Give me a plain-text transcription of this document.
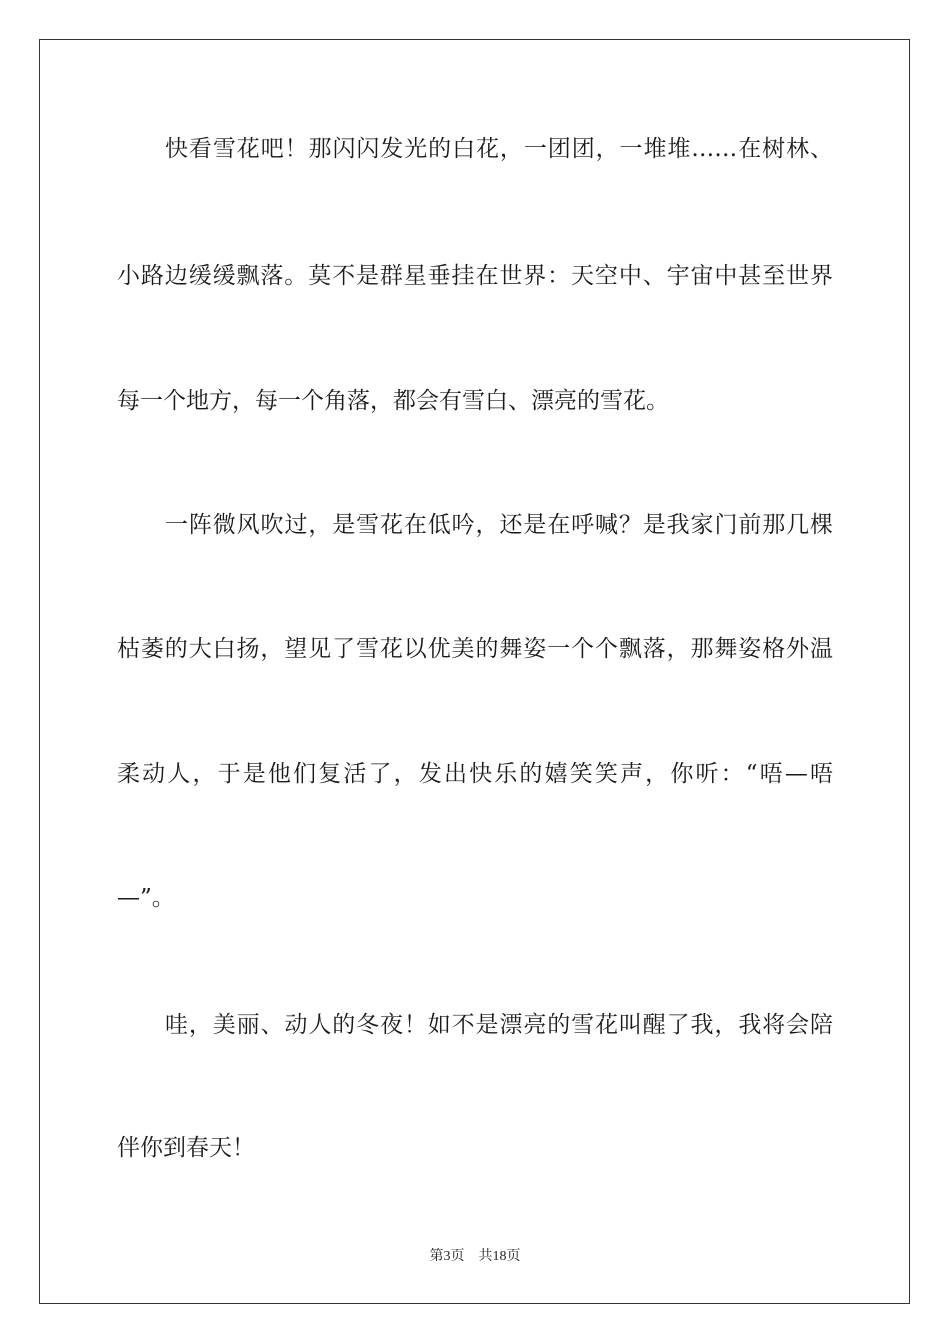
快看雪花吧！那闪闪发光的白花，一团团，一堆堆……在树林、
小路边缓缓飘落。莫不是群星垂挂在世界：天空中、宇宙中甚至世界
每一个地方，每一个角落，都会有雪白、漂亮的雪花。
一阵微风吹过，是雪花在低吟，还是在呼喊？是我家门前那几棵
枯萎的大白扬，望见了雪花以优美的舞姿一个个飘落，那舞姿格外温
柔动人，于是他们复活了，发出快乐的嬉笑笑声，你听：“唔—唔
—”。
哇，美丽、动人的冬夜！如不是漂亮的雪花叫醒了我，我将会陪
伴你到春天！
第3页 共18页
